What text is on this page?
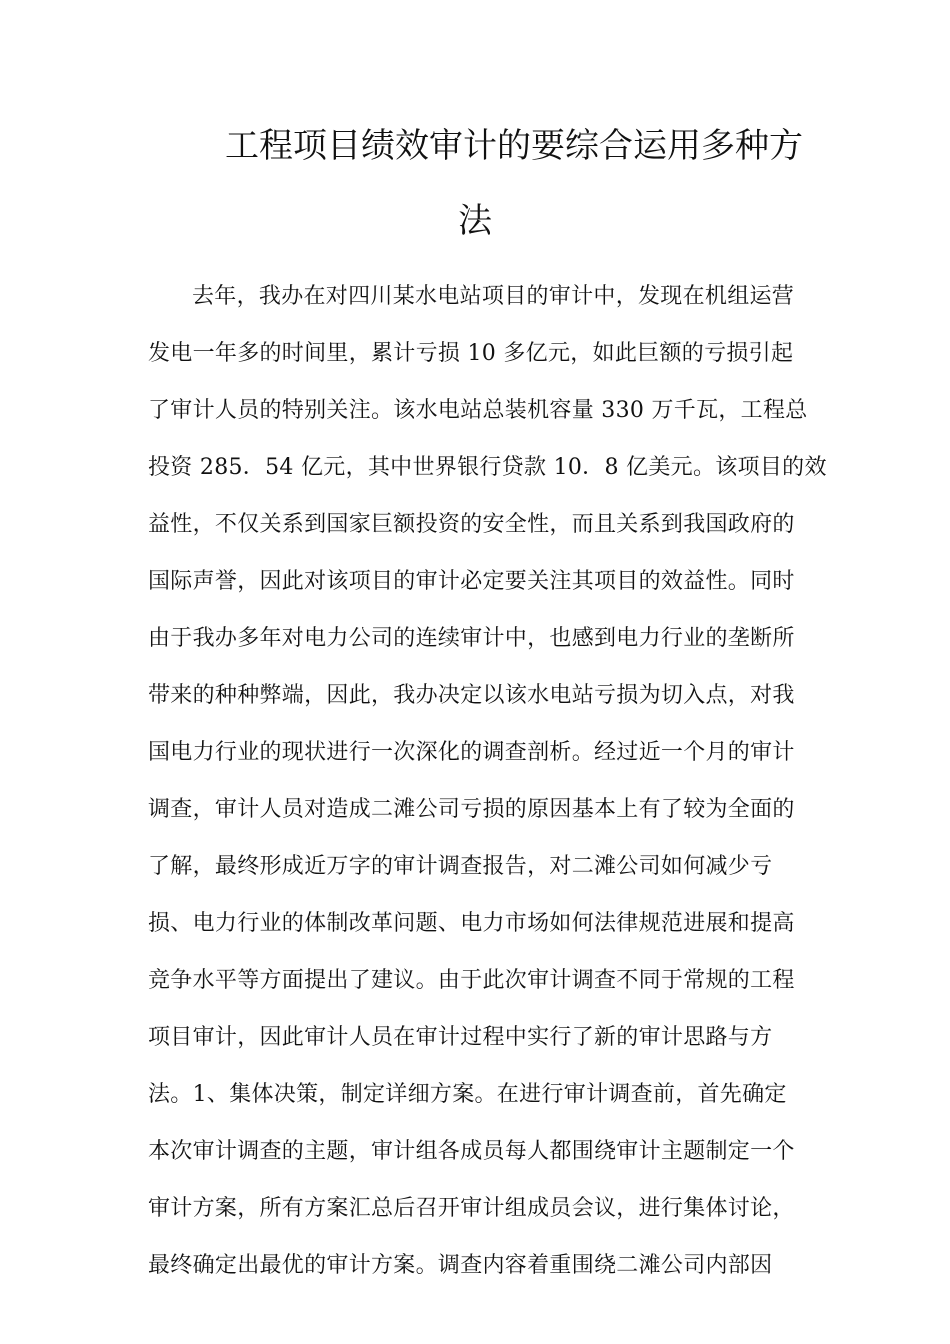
工程项目绩效审计的要综合运用多种方
法
去年，我办在对四川某水电站项目的审计中，发现在机组运营
发电一年多的时间里，累计亏损 10 多亿元，如此巨额的亏损引起
了审计人员的特别关注。该水电站总装机容量 330 万千瓦，工程总
投资 285．54 亿元，其中世界银行贷款 10．8 亿美元。该项目的效
益性，不仅关系到国家巨额投资的安全性，而且关系到我国政府的
国际声誉，因此对该项目的审计必定要关注其项目的效益性。同时
由于我办多年对电力公司的连续审计中，也感到电力行业的垄断所
带来的种种弊端，因此，我办决定以该水电站亏损为切入点，对我
国电力行业的现状进行一次深化的调查剖析。经过近一个月的审计
调查，审计人员对造成二滩公司亏损的原因基本上有了较为全面的
了解，最终形成近万字的审计调查报告，对二滩公司如何减少亏
损、电力行业的体制改革问题、电力市场如何法律规范进展和提高
竞争水平等方面提出了建议。由于此次审计调查不同于常规的工程
项目审计，因此审计人员在审计过程中实行了新的审计思路与方
法。1、集体决策，制定详细方案。在进行审计调查前，首先确定
本次审计调查的主题，审计组各成员每人都围绕审计主题制定一个
审计方案，所有方案汇总后召开审计组成员会议，进行集体讨论，
最终确定出最优的审计方案。调查内容着重围绕二滩公司内部因
